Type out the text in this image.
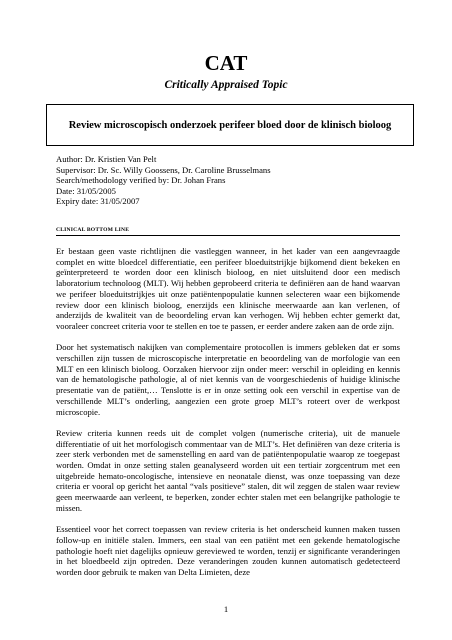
CAT
Critically Appraised Topic
Review microscopisch onderzoek perifeer bloed door de klinisch bioloog
Author: Dr. Kristien Van Pelt
Supervisor: Dr. Sc. Willy Goossens, Dr. Caroline Brusselmans
Search/methodology verified by: Dr. Johan Frans
Date: 31/05/2005
Expiry date: 31/05/2007
CLINICAL BOTTOM LINE

Er bestaan geen vaste richtlijnen die vastleggen wanneer, in het kader van een aangevraagde complet en witte bloedcel differentiatie, een perifeer bloeduitstrijkje bijkomend dient bekeken en geïnterpreteerd te worden door een klinisch bioloog, en niet uitsluitend door een medisch laboratorium technoloog (MLT). Wij hebben geprobeerd criteria te definiëren aan de hand waarvan we perifeer bloeduitstrijkjes uit onze patiëntenpopulatie kunnen selecteren waar een bijkomende review door een klinisch bioloog, enerzijds een klinische meerwaarde aan kan verlenen, of anderzijds de kwaliteit van de beoordeling ervan kan verhogen. Wij hebben echter gemerkt dat, vooraleer concreet criteria voor te stellen en toe te passen, er eerder andere zaken aan de orde zijn.

Door het systematisch nakijken van complementaire protocollen is immers gebleken dat er soms verschillen zijn tussen de microscopische interpretatie en beoordeling van de morfologie van een MLT en een klinisch bioloog. Oorzaken hiervoor zijn onder meer: verschil in opleiding en kennis van de hematologische pathologie, al of niet kennis van de voorgeschiedenis of huidige klinische presentatie van de patiënt,… Tenslotte is er in onze setting ook een verschil in expertise van de verschillende MLT’s onderling, aangezien een grote groep MLT’s roteert over de werkpost microscopie.

Review criteria kunnen reeds uit de complet volgen (numerische criteria), uit de manuele differentiatie of uit het morfologisch commentaar van de MLT’s. Het definiëren van deze criteria is zeer sterk verbonden met de samenstelling en aard van de patiëntenpopulatie waarop ze toegepast worden. Omdat in onze setting stalen geanalyseerd worden uit een tertiair zorgcentrum met een uitgebreide hemato-oncologische, intensieve en neonatale dienst, was onze toepassing van deze criteria er vooral op gericht het aantal “vals positieve” stalen, dit wil zeggen de stalen waar review geen meerwaarde aan verleent, te beperken, zonder echter stalen met een belangrijke pathologie te missen.

Essentieel voor het correct toepassen van review criteria is het onderscheid kunnen maken tussen follow-up en initiële stalen. Immers, een staal van een patiënt met een gekende hematologische pathologie hoeft niet dagelijks opnieuw gereviewed te worden, tenzij er significante veranderingen in het bloedbeeld zijn optreden. Deze veranderingen zouden kunnen automatisch gedetecteerd worden door gebruik te maken van Delta Limieten, deze

1
